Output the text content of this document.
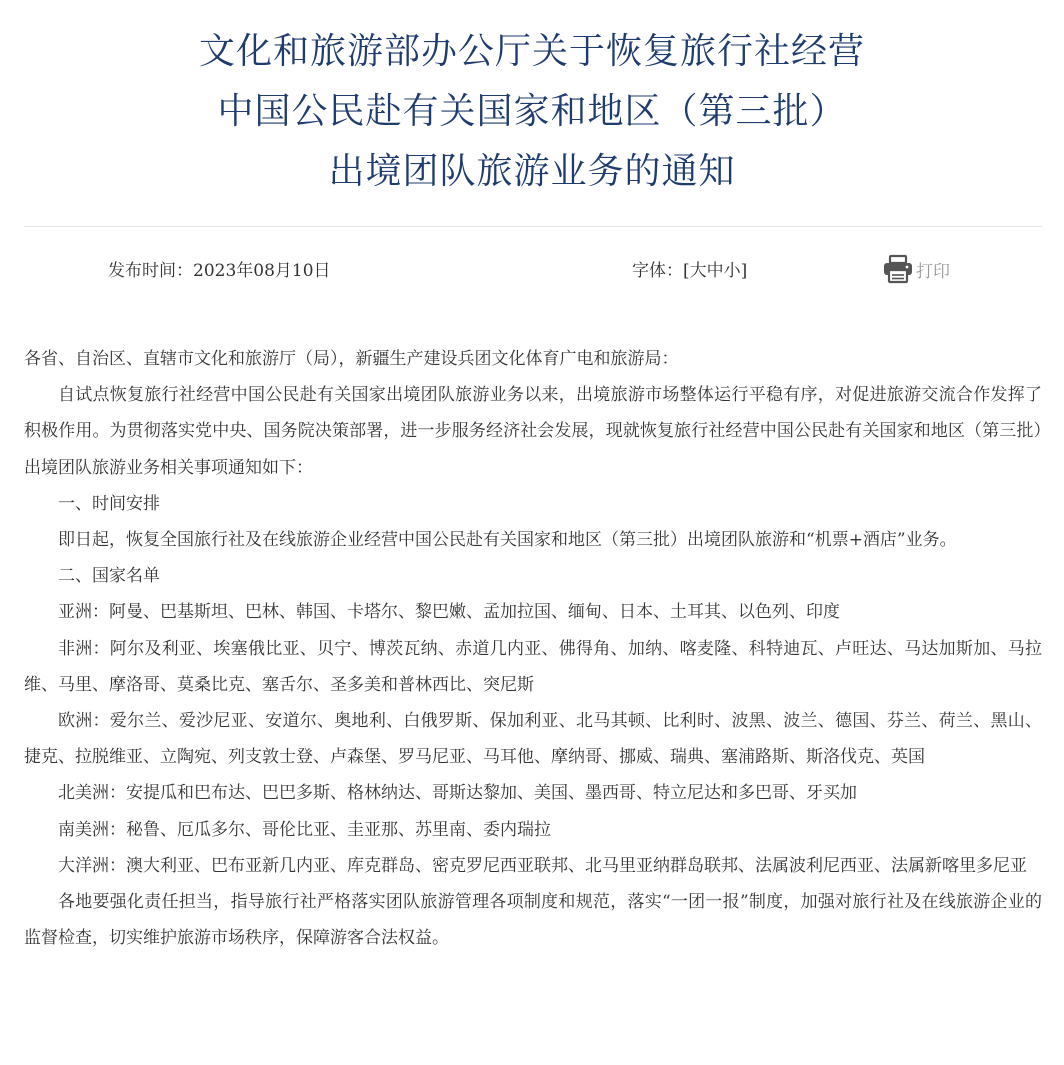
文化和旅游部办公厅关于恢复旅行社经营
中国公民赴有关国家和地区（第三批）
出境团队旅游业务的通知
发布时间：2023年08月10日	字体：[大中小]	打印

各省、自治区、直辖市文化和旅游厅（局），新疆生产建设兵团文化体育广电和旅游局：

自试点恢复旅行社经营中国公民赴有关国家出境团队旅游业务以来，出境旅游市场整体运行平稳有序，对促进旅游交流合作发挥了积极作用。为贯彻落实党中央、国务院决策部署，进一步服务经济社会发展，现就恢复旅行社经营中国公民赴有关国家和地区（第三批）出境团队旅游业务相关事项通知如下：

一、时间安排

即日起，恢复全国旅行社及在线旅游企业经营中国公民赴有关国家和地区（第三批）出境团队旅游和“机票+酒店”业务。

二、国家名单

亚洲：阿曼、巴基斯坦、巴林、韩国、卡塔尔、黎巴嫩、孟加拉国、缅甸、日本、土耳其、以色列、印度

非洲：阿尔及利亚、埃塞俄比亚、贝宁、博茨瓦纳、赤道几内亚、佛得角、加纳、喀麦隆、科特迪瓦、卢旺达、马达加斯加、马拉维、马里、摩洛哥、莫桑比克、塞舌尔、圣多美和普林西比、突尼斯

欧洲：爱尔兰、爱沙尼亚、安道尔、奥地利、白俄罗斯、保加利亚、北马其顿、比利时、波黑、波兰、德国、芬兰、荷兰、黑山、捷克、拉脱维亚、立陶宛、列支敦士登、卢森堡、罗马尼亚、马耳他、摩纳哥、挪威、瑞典、塞浦路斯、斯洛伐克、英国

北美洲：安提瓜和巴布达、巴巴多斯、格林纳达、哥斯达黎加、美国、墨西哥、特立尼达和多巴哥、牙买加

南美洲：秘鲁、厄瓜多尔、哥伦比亚、圭亚那、苏里南、委内瑞拉

大洋洲：澳大利亚、巴布亚新几内亚、库克群岛、密克罗尼西亚联邦、北马里亚纳群岛联邦、法属波利尼西亚、法属新喀里多尼亚

各地要强化责任担当，指导旅行社严格落实团队旅游管理各项制度和规范，落实“一团一报”制度，加强对旅行社及在线旅游企业的监督检查，切实维护旅游市场秩序，保障游客合法权益。
